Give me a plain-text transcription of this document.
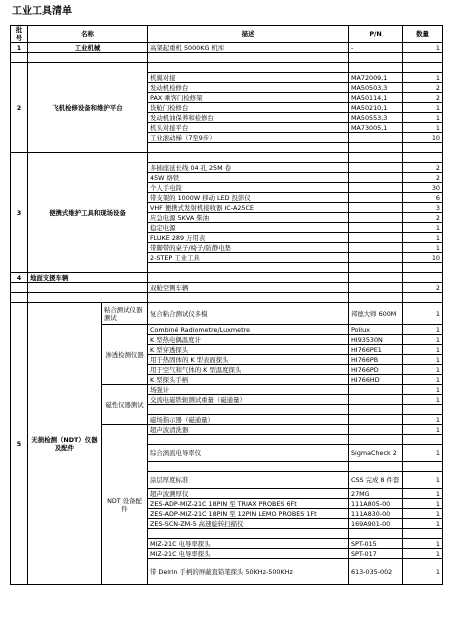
工业工具清单
批号	名称		描述	P/N	数量
1	工业机械		高架起重机 5000KG 机库	-	1

2	飞机检修设备和维护平台				
			机翼对接	MA72009,1	1
			发动机检修台	MA50503,3	2
			PAX 乘客门检修架	MA50114,1	2
			货舱门检修台	MA50210,1	1
			发动机油保养和检修台	MA50553,3	1
			机头对接平台	MA73005,1	1
			工业滚动梯（7至9步）		10

3	便携式维护工具和现场设备				
			多插座延长线 04 孔 25M 卷		2
			45W 烙铁		2
			个人手电筒		30
			带支架的 1000W 移动 LED 投影仪		6
			VHF 便携式发射机接收器 IC-A25CE		3
			应急电源 5KVA 柴油		2
			稳定电源		1
			FLUKE 289 万用表		1
			带脚带的桌子/椅子/防静电垫		1
			2-STEP 工业工具		10

4	地面支援车辆				
			双舱空侧车辆		2

5	无损检测（NDT）仪器及配件	粘合测试仪器测试	复合粘合测试仪多模	邦德大师 600M	1
		渗透检测仪器	Combiné Radiometre/Luxmetre	Pollux	1
			K 型热电偶温度计	HI93530N	1
			K 型穿透探头	HI766PE1	1
			用于热固体的 K 型表面探头	HI766PB	1
			用于空气和气体的 K 型温度探头	HI766PD	1
			K 型探头手柄	HI766HD	1
		磁性仪器测试	场强计		1
			交流电磁铁轭测试重量（磁通量）		1

			磁场指示器（磁通量）		1
		NDT 设备配件	超声波清洗器		1

			综合涡流电导率仪	SigmaCheck 2	1

			涂层厚度标准	CSS 完成 8 件套	1
			超声波测厚仪	27MG	1
			ZES-ADP-MIZ-21C 18PIN 至 TRIAX PROBES 6Ft	111A805-00	1
			ZES-ADP-MIZ-21C 18PIN 至 12PIN LEMO PROBES 1Ft	111A830-00	1
			ZES-SCN-ZM-5 高速旋转扫描仪	169A901-00	1

			MIZ-21C 电导率探头	SPT-015	1
			MIZ-21C 电导率探头	SPT-017	1
			带 Delrin 手柄的屏蔽直铅笔探头 50KHz-500KHz	613-035-002	1
